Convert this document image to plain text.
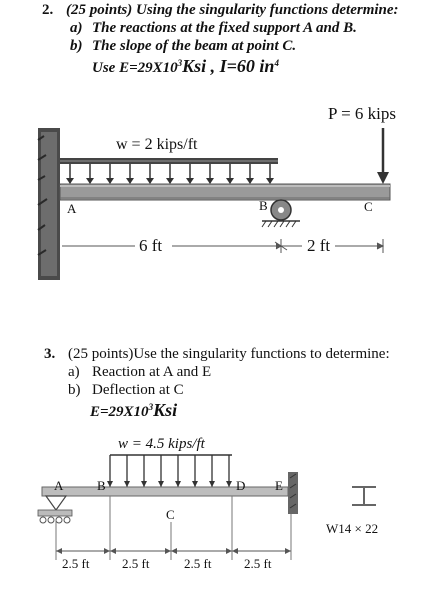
2. (25 points) Using the singularity functions determine:
a) The reactions at the fixed support A and B.
b) The slope of the beam at point C.
Use $E=29X10^3Ksi$ , I=60 $in^4$
P = 6 kips
w = 2 kips/ft
A	B	C
6 ft	2 ft
3. (25 points)Use the singularity functions to determine:
a) Reaction at A and E
b) Deflection at C
$E=29X10^3Ksi$
w = 4.5 kips/ft
A	B
C
D E
W14 × 22
2.5 ft	2.5 ft	2.5 ft	2.5 ft
